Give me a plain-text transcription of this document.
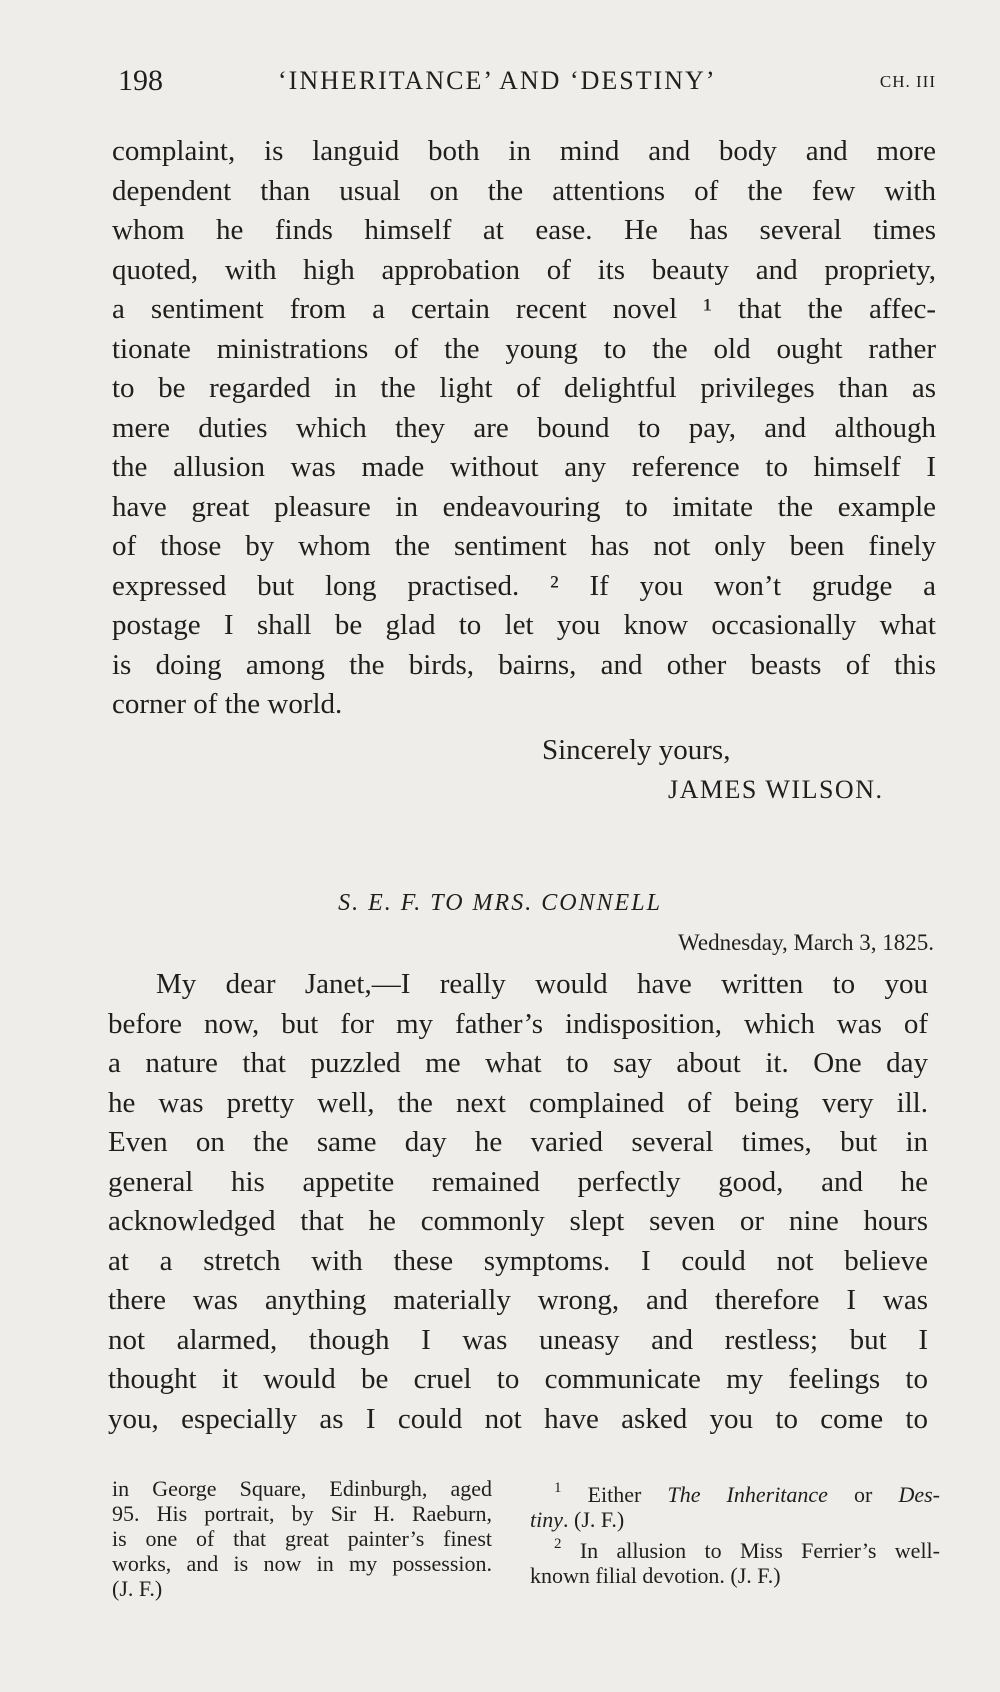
198	‘INHERITANCE’ AND ‘DESTINY’	CH. III
complaint, is languid both in mind and body and more
dependent than usual on the attentions of the few with
whom he finds himself at ease. He has several times
quoted, with high approbation of its beauty and propriety,
a sentiment from a certain recent novel ¹ that the affec-
tionate ministrations of the young to the old ought rather
to be regarded in the light of delightful privileges than as
mere duties which they are bound to pay, and although
the allusion was made without any reference to himself I
have great pleasure in endeavouring to imitate the example
of those by whom the sentiment has not only been finely
expressed but long practised. ² If you won’t grudge a
postage I shall be glad to let you know occasionally what
is doing among the birds, bairns, and other beasts of this
corner of the world.
Sincerely yours,
JAMES WILSON.
S. E. F. TO MRS. CONNELL
Wednesday, March 3, 1825.
My dear Janet,—I really would have written to you
before now, but for my father’s indisposition, which was of
a nature that puzzled me what to say about it. One day
he was pretty well, the next complained of being very ill.
Even on the same day he varied several times, but in
general his appetite remained perfectly good, and he
acknowledged that he commonly slept seven or nine hours
at a stretch with these symptoms. I could not believe
there was anything materially wrong, and therefore I was
not alarmed, though I was uneasy and restless; but I
thought it would be cruel to communicate my feelings to
you, especially as I could not have asked you to come to
in George Square, Edinburgh, aged
95. His portrait, by Sir H. Raeburn,
is one of that great painter’s finest
works, and is now in my possession.
(J. F.)
$^1$ Either The Inheritance or Des-
tiny. (J. F.)
$^2$ In allusion to Miss Ferrier’s well-
known filial devotion. (J. F.)
